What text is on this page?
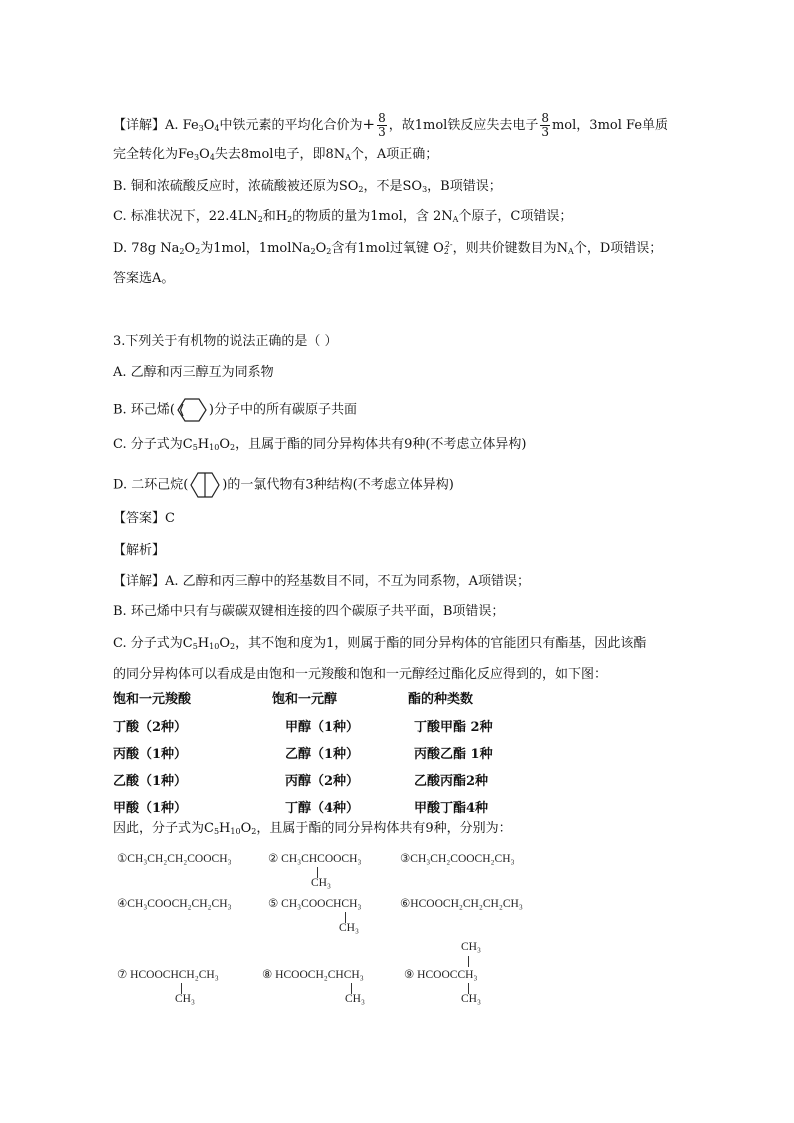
【详解】A. $Fe_3O_4$中铁元素的平均化合价为+ $\frac{8}{3}$ ，故1mol铁反应失去电子 $\frac{8}{3}$ mol，3mol Fe单质
完全转化为$Fe_3O_4$失去8mol电子，即$8N_A$个，A项正确；
B. 铜和浓硫酸反应时，浓硫酸被还原为$SO_2$，不是$SO_3$，B项错误；
C. 标准状况下，$22.4LN_2$和$H_2$的物质的量为1mol，含 $2N_A$个原子，C项错误；
D. 78g $Na_2O_2$为1mol，$1molNa_2O_2$含有1mol过氧键 $O_2^{2-}$，则共价键数目为$N_A$个，D项错误；
答案选A。
3.下列关于有机物的说法正确的是（ ）
A. 乙醇和丙三醇互为同系物
B. 环己烯(	)分子中的所有碳原子共面
C. 分子式为$C_5H_{10}O_2$，且属于酯的同分异构体共有9种(不考虑立体异构)
D. 二环己烷(	)的一氯代物有3种结构(不考虑立体异构)
【答案】C
【解析】
【详解】A. 乙醇和丙三醇中的羟基数目不同，不互为同系物，A项错误；
B. 环己烯中只有与碳碳双键相连接的四个碳原子共平面，B项错误；
C. 分子式为$C_5H_{10}O_2$，其不饱和度为1，则属于酯的同分异构体的官能团只有酯基，因此该酯
的同分异构体可以看成是由饱和一元羧酸和饱和一元醇经过酯化反应得到的，如下图：
饱和一元羧酸	饱和一元醇	酯的种类数
丁酸（2种）	甲醇（1种）	丁酸甲酯 2种
丙酸（1种）	乙醇（1种）	丙酸乙酯 1种
乙酸（1种）	丙醇（2种）	乙酸丙酯2种
甲酸（1种）	丁醇（4种）	甲酸丁酯4种
因此，分子式为$C_5H_{10}O_2$，且属于酯的同分异构体共有9种，分别为：
①CH₃CH₂CH₂COOCH₃	② CH₃CHCOOCH₃
CH₃
③CH₃CH₂COOCH₂CH₃
④CH₃COOCH₂CH₂CH₃	⑤ CH₃COOCHCH₃
CH₃
⑥HCOOCH₂CH₂CH₂CH₃
CH₃
⑦ HCOOCHCH₂CH₃
CH₃
⑧ HCOOCH₂CHCH₃
CH₃
⑨ HCOOCCH₃
CH₃
